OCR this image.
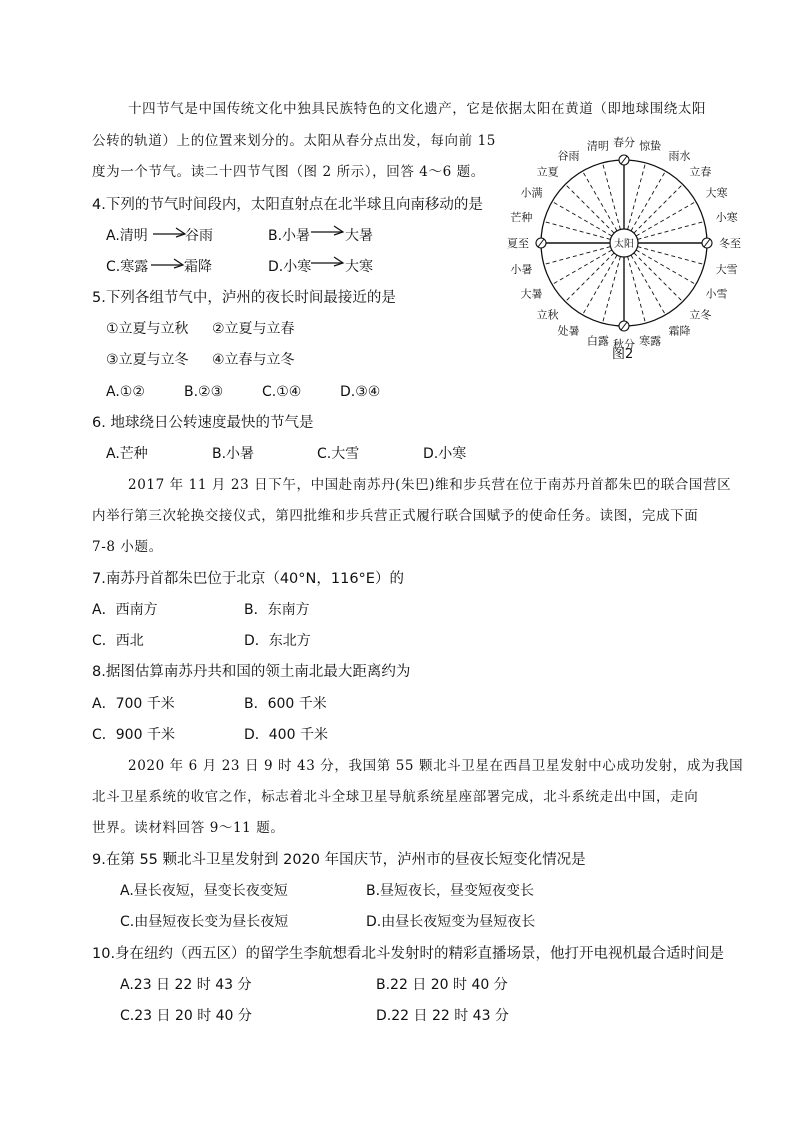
十四节气是中国传统文化中独具民族特色的文化遗产，它是依据太阳在黄道（即地球围绕太阳
公转的轨道）上的位置来划分的。太阳从春分点出发，每向前 15
度为一个节气。读二十四节气图（图 2 所示），回答 4～6 题。
4.下列的节气时间段内，太阳直射点在北半球且向南移动的是
A.清明	谷雨	B.小暑 大暑
C.寒露	霜降	D.小寒 大寒
5.下列各组节气中，泸州的夜长时间最接近的是
①立夏与立秋 ②立夏与立春
③立夏与立冬 ④立春与立冬
A.①②	B.②③	C.①④	D.③④
6. 地球绕日公转速度最快的节气是
A.芒种	B.小暑	C.大雪	D.小寒
2017 年 11 月 23 日下午，中国赴南苏丹(朱巴)维和步兵营在位于南苏丹首都朱巴的联合国营区
内举行第三次轮换交接仪式，第四批维和步兵营正式履行联合国赋予的使命任务。读图，完成下面
7-8 小题。
7.南苏丹首都朱巴位于北京（40°N，116°E）的
A．西南方	B．东南方
C．西北	D．东北方
8.据图估算南苏丹共和国的领土南北最大距离约为
A．700 千米	B．600 千米
C．900 千米	D．400 千米
2020 年 6 月 23 日 9 时 43 分，我国第 55 颗北斗卫星在西昌卫星发射中心成功发射，成为我国
北斗卫星系统的收官之作，标志着北斗全球卫星导航系统星座部署完成，北斗系统走出中国，走向
世界。读材料回答 9～11 题。
9.在第 55 颗北斗卫星发射到 2020 年国庆节，泸州市的昼夜长短变化情况是
A.昼长夜短，昼变长夜变短	B.昼短夜长，昼变短夜变长
C.由昼短夜长变为昼长夜短	D.由昼长夜短变为昼短夜长
10.身在纽约（西五区）的留学生李航想看北斗发射时的精彩直播场景，他打开电视机最合适时间是
A.23 日 22 时 43 分	B.22 日 20 时 40 分
C.23 日 20 时 40 分	D.22 日 22 时 43 分
太阳
春分 惊蛰
雨水
立春
大寒
小寒
冬至
大雪
小雪
立冬
霜降
寒露
秋分
白露
处暑
立秋
大暑
小暑
夏至
芒种
小满
立夏
谷雨
清明
图2
